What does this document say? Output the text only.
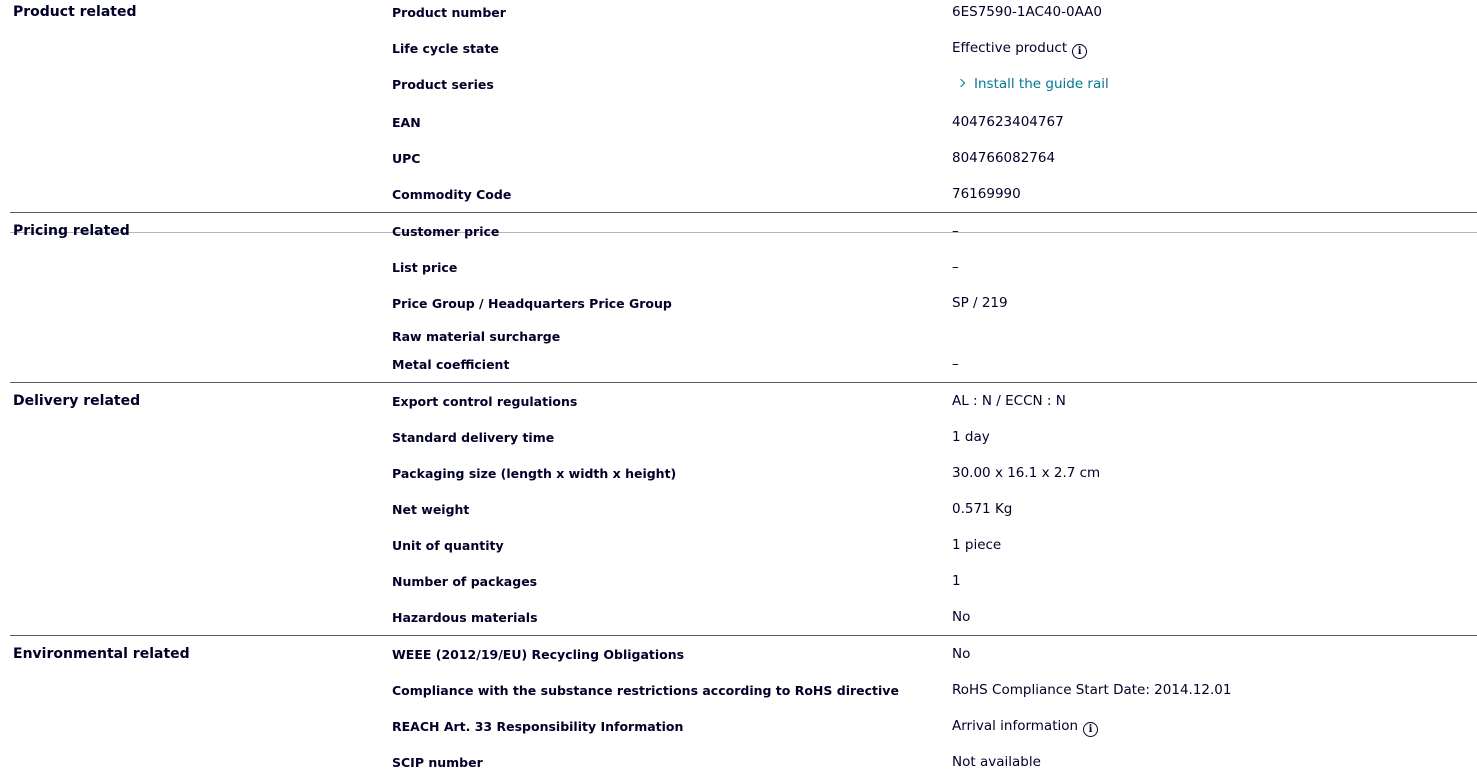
Product related	Product number	6ES7590-1AC40-0AA0
Life cycle state	Effective product i
Product series	Install the guide rail
EAN	4047623404767
UPC	804766082764
Commodity Code	76169990
Pricing related	Customer price	–
List price	–
Price Group / Headquarters Price Group	SP / 219
Raw material surcharge
Metal coefficient	–
Delivery related	Export control regulations	AL : N / ECCN : N
Standard delivery time	1 day
Packaging size (length x width x height)	30.00 x 16.1 x 2.7 cm
Net weight	0.571 Kg
Unit of quantity	1 piece
Number of packages	1
Hazardous materials	No
Environmental related	WEEE (2012/19/EU) Recycling Obligations	No
Compliance with the substance restrictions according to RoHS directive	RoHS Compliance Start Date: 2014.12.01
REACH Art. 33 Responsibility Information	Arrival information i
SCIP number	Not available
